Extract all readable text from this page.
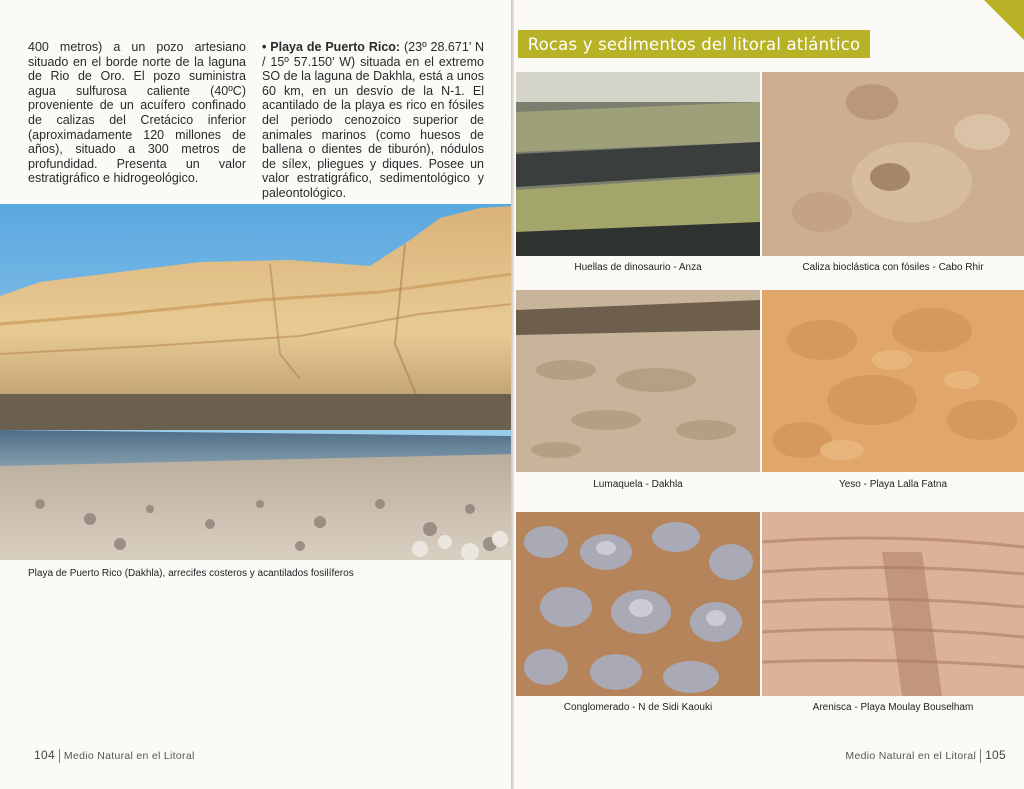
400 metros) a un pozo artesiano situado en el borde norte de la laguna de Rio de Oro. El pozo suministra agua sulfurosa caliente (40ºC) proveniente de un acuífero confinado de calizas del Cretácico inferior (aproximadamente 120 millones de años), situado a 300 metros de profundidad. Presenta un valor estratigráfico e hidrogeológico.

• Playa de Puerto Rico: (23º 28.671’ N / 15º 57.150’ W) situada en el extremo SO de la laguna de Dakhla, está a unos 60 km, en un desvío de la N-1. El acantilado de la playa es rico en fósiles del periodo cenozoico superior de animales marinos (como huesos de ballena o dientes de tiburón), nódulos de sílex, pliegues y diques. Posee un valor estratigráfico, sedimentológico y paleontológico.

Playa de Puerto Rico (Dakhla), arrecifes costeros y acantilados fosilíferos
104 Medio Natural en el Litoral
Rocas y sedimentos del litoral atlántico
Huellas de dinosaurio - Anza	Caliza bioclástica con fósiles - Cabo Rhir
Lumaquela - Dakhla	Yeso - Playa Lalla Fatna
Conglomerado - N de Sidi Kaouki	Arenisca - Playa Moulay Bouselham
Medio Natural en el Litoral 105
